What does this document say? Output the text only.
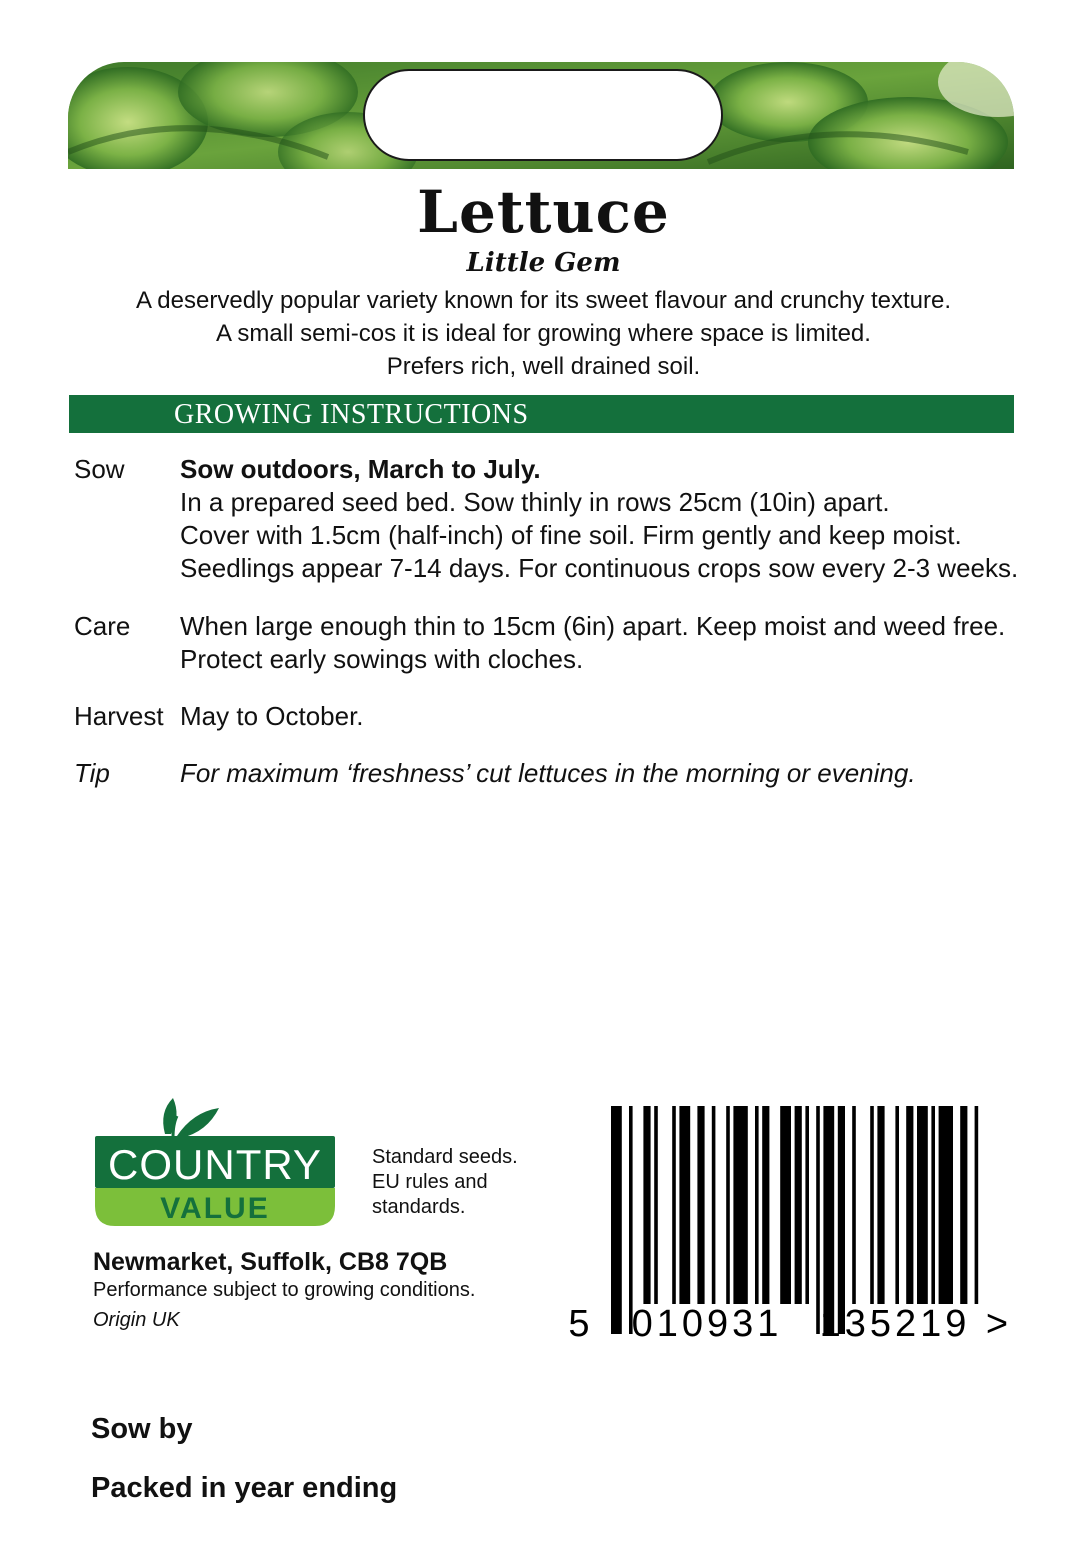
Lettuce
Little Gem
A deservedly popular variety known for its sweet flavour and crunchy texture.
A small semi-cos it is ideal for growing where space is limited.
Prefers rich, well drained soil.
GROWING INSTRUCTIONS
Sow Sow outdoors, March to July.
In a prepared seed bed. Sow thinly in rows 25cm (10in) apart.
Cover with 1.5cm (half-inch) of fine soil. Firm gently and keep moist.
Seedlings appear 7-14 days. For continuous crops sow every 2-3 weeks.
Care When large enough thin to 15cm (6in) apart. Keep moist and weed free.
Protect early sowings with cloches.
Harvest May to October.
Tip	For maximum ‘freshness’ cut lettuces in the morning or evening.
COUNTRY
VALUE
Standard seeds.
EU rules and
standards.
Newmarket, Suffolk, CB8 7QB
Performance subject to growing conditions.
Origin UK	5 010931 135219 >
Sow by
Packed in year ending
